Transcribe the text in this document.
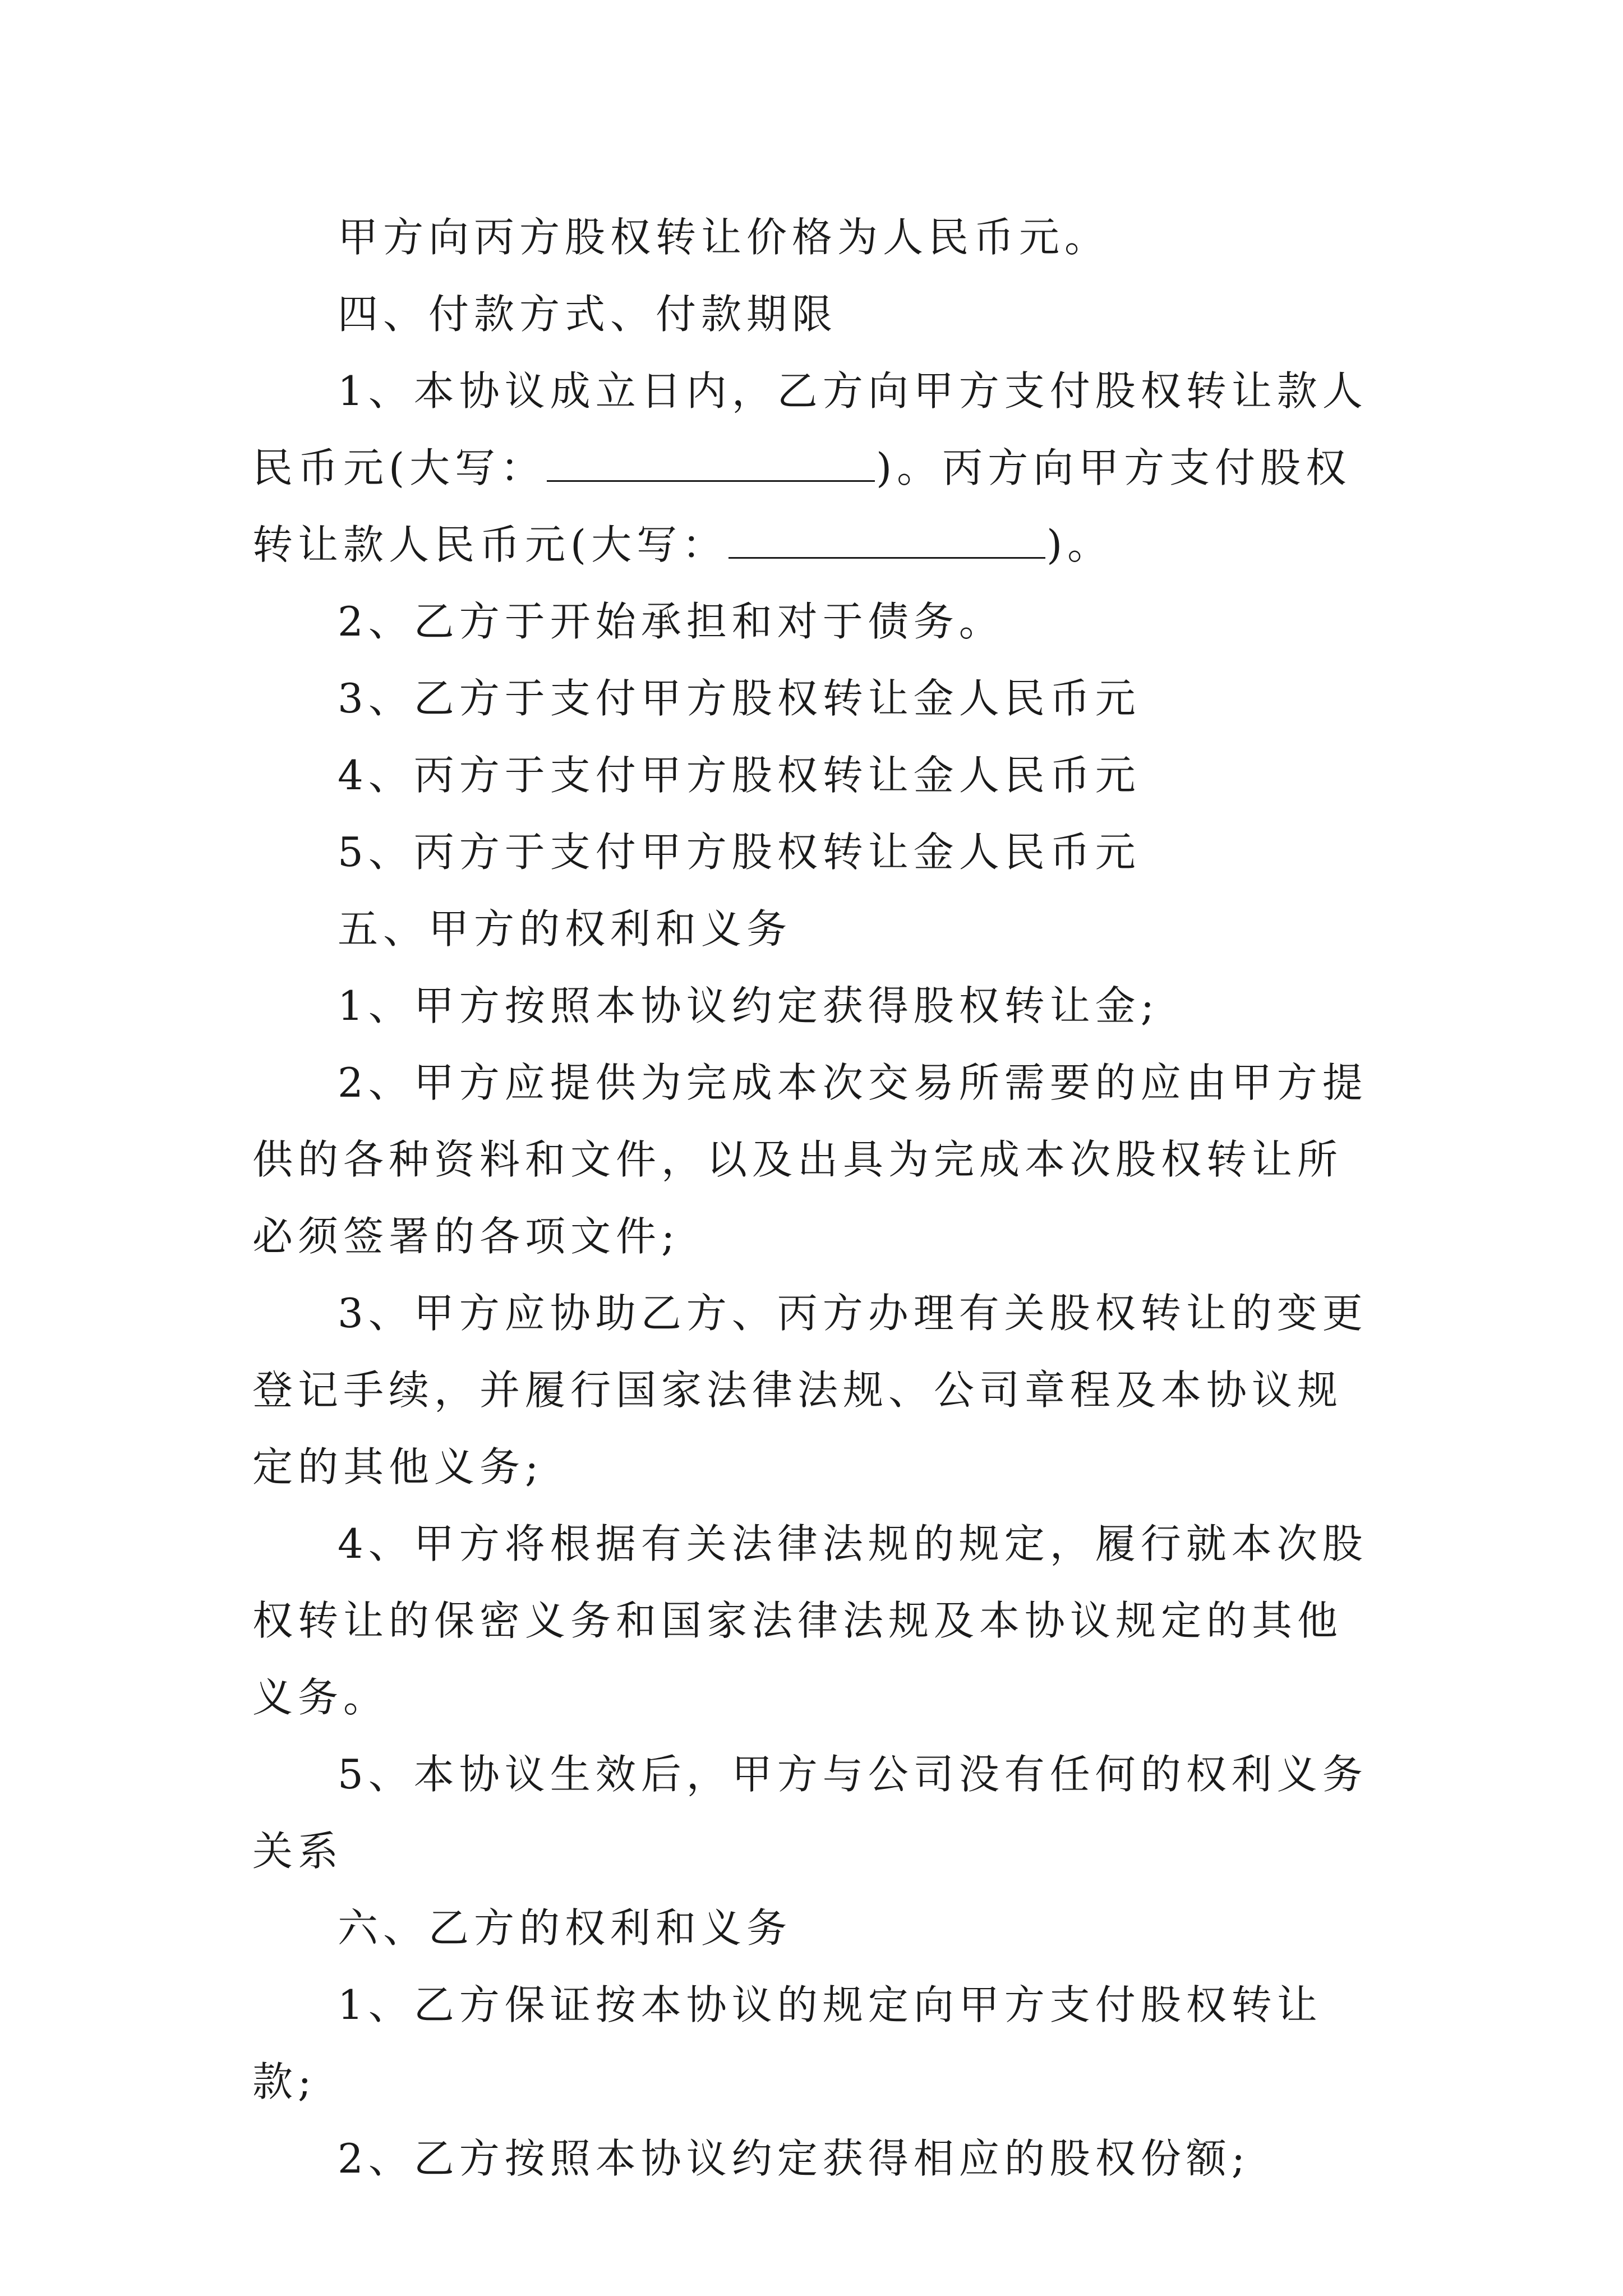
甲方向丙方股权转让价格为人民币元。

四、付款方式、付款期限

1、本协议成立日内，乙方向甲方支付股权转让款人民币元(大写：	)。丙方向甲方支付股权转让款人民币元(大写：	)。

2、乙方于开始承担和对于债务。

3、乙方于支付甲方股权转让金人民币元

4、丙方于支付甲方股权转让金人民币元

5、丙方于支付甲方股权转让金人民币元

五、甲方的权利和义务

1、甲方按照本协议约定获得股权转让金;

2、甲方应提供为完成本次交易所需要的应由甲方提供的各种资料和文件，以及出具为完成本次股权转让所必须签署的各项文件;

3、甲方应协助乙方、丙方办理有关股权转让的变更登记手续，并履行国家法律法规、公司章程及本协议规定的其他义务;

4、甲方将根据有关法律法规的规定，履行就本次股权转让的保密义务和国家法律法规及本协议规定的其他义务。

5、本协议生效后，甲方与公司没有任何的权利义务关系

六、乙方的权利和义务

1、乙方保证按本协议的规定向甲方支付股权转让款;

2、乙方按照本协议约定获得相应的股权份额;
